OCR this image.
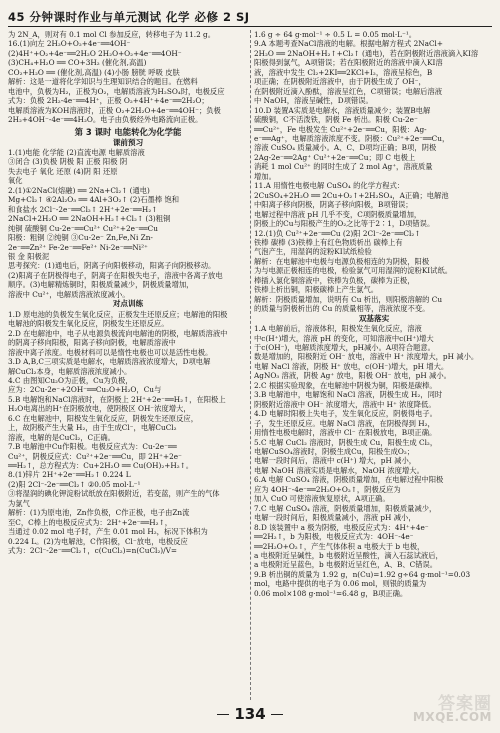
45 分钟课时作业与单元测试 化学 必修 2 SJ
为 2N_A，则对有 0.1 mol Cl 参加反应，转移电子为 11.2 g。
16.(1)向左 2H₂O+O₂+4e⁻══4OH⁻
(2)4H⁺+O₂+4e⁻══2H₂O 2H₂O+O₂+4e⁻══4OH⁻
(3)CH₄+H₂O ══ CO+3H₂ (催化剂,高温)
CO₂+H₂O ══ (催化剂,高温) (4)小肠 膀胱 呼吸 皮肤
解析：这是一道将化学知识与生理知识结合的题目。在燃料
电池中，负极为H₂，正极为O₂，电解质溶液为H₂SO₄时，电极反应
式为：负极 2H₂-4e⁻══4H⁺，正极 O₂+4H⁺+4e⁻══2H₂O；
电解质溶液为KOH溶液时，正极 O₂+2H₂O+4e⁻══4OH⁻；负极
2H₂+4OH⁻-4e⁻══4H₂O。电子由负极经外电路流向正极。
第 3 课时 电能转化为化学能
课前预习
1.(1)电能 化学能 (2)直流电源 电解质溶液
③闭合 (3)负极 阴极 阳 正极 阳极 阴
失去电子 氧化 还原 (4)阴 阳 还原
氧化
2.(1)①2NaCl(熔融) ══ 2Na+Cl₂↑ (通电)
Mg+Cl₂↑ ④2Al₂O₃ ══ 4Al+3O₂↑ (2)石墨棒 饱和
和食盐水 2Cl⁻-2e⁻══Cl₂↑ 2H⁺+2e⁻══H₂↑
2NaCl+2H₂O ══ 2NaOH+H₂↑+Cl₂↑ (3)粗铜
纯铜 硫酸铜 Cu-2e⁻══Cu²⁺ Cu²⁺+2e⁻══Cu
阳极：粗铜 ②纯铜 ③Cu-2e⁻ Zn,Fe,Ni Zn-
2e⁻══Zn²⁺ Fe-2e⁻══Fe²⁺ Ni-2e⁻══Ni²⁺
银 金 阳极泥
思考探究：(1)通电后，阴离子向阳极移动，阳离子向阴极移动。
(2)阳离子在阴极得电子，阴离子在阳极失电子，溶液中各离子放电
顺序。(3)电解精炼铜时，阳极质量减少，阴极质量增加，
溶液中 Cu²⁺，电解质溶液浓度减小。
对点训练
1.D 原电池的负极发生氧化反应，正极发生还原反应；电解池的阳极
电解池的阳极发生氧化反应，阴极发生还原反应。
2.D 在电解池中，电子从电源负极流向电解池的阴极，电解质溶液中
的阴离子移向阳极，阳离子移向阴极，电解质溶液中
溶液中离子浓度。电极材料可以是惰性电极也可以是活性电极。
3.D A,B,C三项实质是电解水，电解质溶液浓度增大，D项电解
解CuCl₂本身，电解质溶液浓度减小。
4.C 由图知Cu₂O为正极，Cu为负极，
应为：2Cu-2e⁻+2OH⁻══Cu₂O+H₂O，Cu与
5.B 电解饱和NaCl溶液时，在阴极上 2H⁺+2e⁻══H₂↑，在阳极上
H₂O电离出的H⁺在阴极放电，使阴极区 OH⁻浓度增大，
6.C 在电解池中，阳极发生氧化反应，阴极发生还原反应，
上，故阴极产生大量 H₂，由于生成Cl⁻，电解CuCl₂
溶液，电解的是CuCl₂，C正确。
7.B 电解池中Cu作阳极。电极反应式为：Cu-2e⁻══
Cu²⁺，阴极反应式：Cu²⁺+2e⁻══Cu，即 2H⁺+2e⁻
══H₂↑，总方程式为：Cu+2H₂O ══ Cu(OH)₂+H₂↑。
8.(1)锌片 2H⁺+2e⁻══H₂↑ 0.224 L
(2)阳 2Cl⁻-2e⁻══Cl₂↑ ②0.05 mol·L⁻¹
③将湿润的碘化钾淀粉试纸放在阳极附近，若变蓝，则产生的气体
为氯气
解析：(1)为原电池，Zn作负极，C作正极，电子由Zn流
至C，C棒上的电极反应式为：2H⁺+2e⁻══H₂↑，
当通过 0.02 mol 电子时，产生 0.01 mol H₂，标况下体积为
0.224 L。(2)为电解池，C作阳极，Cl⁻放电，电极反应
式为：2Cl⁻-2e⁻══Cl₂↑，c(CuCl₂)=n(CuCl₂)/V=
1.6 g ÷ 64 g·mol⁻¹ ÷ 0.5 L = 0.05 mol·L⁻¹。
9.A 本题考查NaCl溶液的电解。根据电解方程式 2NaCl+
2H₂O ══ 2NaOH+H₂↑+Cl₂↑ (通电)，若在阴极附近溶液滴入KI溶
阳极得到氯气，A项错误；若在阳极附近的溶液中滴入KI溶
液，溶液中发生 Cl₂+2KI══2KCl+I₂，溶液呈棕色，B
项正确；在阴极附近溶液中，由于阴极生成了 OH⁻，
在阴极附近滴入酚酞，溶液呈红色，C项错误；电解后溶液
中 NaOH，溶液呈碱性，D项错误。
10.D 装置A实质是电解水，溶液质量减少；装置B电解
硫酸铜，C不活泼铁，阴极 Fe 析出。阳极 Cu-2e⁻
══Cu²⁺，Fe 电极发生 Cu²⁺+2e⁻══Cu，阳极：Ag-
e⁻══Ag⁺，电解质溶液浓度不变。阴极：Cu²⁺+2e⁻══Cu，
溶液 CuSO₄ 质量减小。A、C、D项均正确；B项，阴极
2Ag-2e⁻══2Ag⁺ Cu²⁺+2e⁻══Cu；即 C 电极上
消耗 1 mol Cu²⁺ 的同时生成了 2 mol Ag⁺，溶液质量
增加。
11.A 用惰性电极电解 CuSO₄ 的化学方程式：
2CuSO₄+2H₂O ══ 2Cu+O₂↑+2H₂SO₄，A正确；电解池
中阳离子移向阴极，阴离子移向阳极，B项错误；
电解过程中溶液 pH 几乎不变，C项阴极质量增加，
阴极上的Cu与阳极产生的O₂之比等于2∶1，D项错误。
12.(1)负 Cu²⁺+2e⁻══Cu (2)阳 2Cl⁻-2e⁻══Cl₂↑
铁棒 碳棒 (3)铁棒上有红色物质析出 碳棒上有
气泡产生，用湿润的淀粉KI试纸检验
解析：在电解池中电极与电源负极相连的为阴极，阳极
为与电源正极相连的电极，检验氯气可用湿润的淀粉KI试纸。
棒插入氯化铜溶液中，铁棒为负极，碳棒为正极，
铁棒上析出铜，阳极碳棒上产生氯气。
解析：阴极质量增加，说明有 Cu 析出，则阳极溶解的 Cu
的质量与阴极析出的 Cu 的质量相等，溶液浓度不变。
双基落实
1.A 电解前后，溶液体积，阳极发生氧化反应，溶液
中c(H⁺)增大，溶液 pH 的变化，可知溶液中c(H⁺)增大
于c(OH⁻)，电解质浓度增大，pH减小。A项符合题意。
数是增加的，阳极附近 OH⁻ 放电，溶液中 H⁺ 浓度增大，pH 减小。
电解 NaCl 溶液，阴极 H⁺ 放电，c(OH⁻)增大，pH 增大。
AgNO₃ 溶液，阴极 Ag⁺ 放电，阳极 OH⁻ 放电，pH 减小。
2.C 根据实验现象，在电解池中阴极为铜，阳极是碳棒。
3.B 电解池中，电解饱和 NaCl 溶液，阴极生成 H₂，同时
阴极附近溶液中 OH⁻ 浓度增大，溶液中 H⁺ 浓度降低。
4.D 电解时阳极上失电子，发生氧化反应，阴极得电子。
子，发生还原反应。电解 NaCl 溶液，在阴极得到 H₂，
用惰性电极电解时，溶液中 Cl⁻ 在阳极放电，B项正确。
5.C 电解 CuCl₂ 溶液时，阴极生成 Cu，阳极生成 Cl₂，
电解CuSO₄溶液时，阴极生成Cu，阳极生成O₂；
电解一段时间后，溶液中 c(H⁺) 增大，pH 减小，
电解 NaOH 溶液实质是电解水，NaOH 浓度增大。
6.A 电解 CuSO₄ 溶液，阴极质量增加，在电解过程中阳极
应为 4OH⁻-4e⁻══2H₂O+O₂↑，阴极反应为
加入 CuO 可使溶液恢复原状，A项正确。
7.C 电解 CuSO₄ 溶液，阴极质量增加，阳极质量减少，
电解一段时间后，阳极质量减小，溶液 pH 减小，
8.D 该装置中 a 极为阴极，电极反应式为：4H⁺+4e⁻
══2H₂↑，b 为阳极，电极反应式为：4OH⁻-4e⁻
══2H₂O+O₂↑，产生气体体积 a 电极大于 b 电极，
a 电极附近呈碱性，b 电极附近呈酸性，滴入石蕊试液后，
a 电极附近呈蓝色，b 电极附近呈红色，A、B、C错误。
9.B 析出铜的质量为 1.92 g，n(Cu)=1.92 g÷64 g·mol⁻¹=0.03
mol，电路中提供的电子为 0.06 mol，则银的质量为
0.06 mol×108 g·mol⁻¹=6.48 g，B项正确。
134	答案圈
MXQE.COM
